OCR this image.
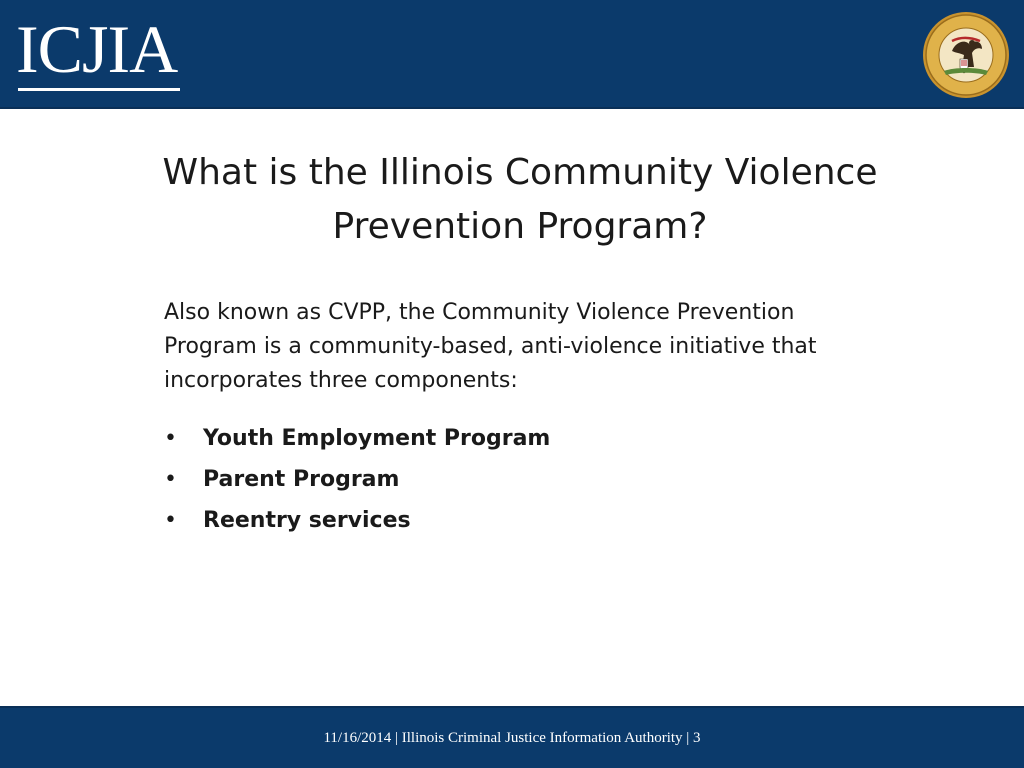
ICJIA
What is the Illinois Community Violence Prevention Program?
Also known as CVPP, the Community Violence Prevention Program is a community-based, anti-violence initiative that incorporates three components:
•	Youth Employment Program
•	Parent Program
•	Reentry services
11/16/2014 | Illinois Criminal Justice Information Authority | 3
